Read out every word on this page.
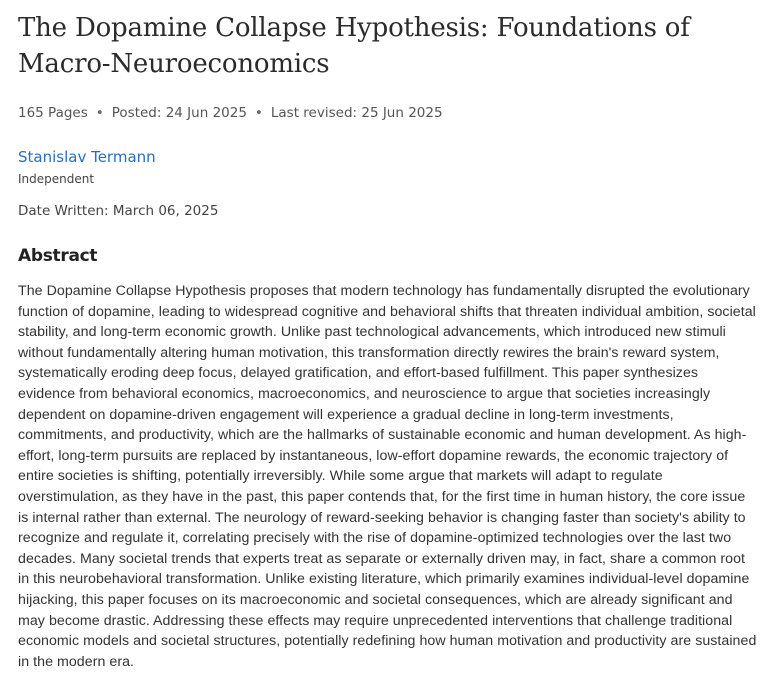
The Dopamine Collapse Hypothesis: Foundations of Macro-Neuroeconomics
165 Pages • Posted: 24 Jun 2025 • Last revised: 25 Jun 2025
Stanislav Termann
Independent
Date Written: March 06, 2025
Abstract
The Dopamine Collapse Hypothesis proposes that modern technology has fundamentally disrupted the evolutionary function of dopamine, leading to widespread cognitive and behavioral shifts that threaten individual ambition, societal stability, and long-term economic growth. Unlike past technological advancements, which introduced new stimuli without fundamentally altering human motivation, this transformation directly rewires the brain's reward system, systematically eroding deep focus, delayed gratification, and effort-based fulfillment. This paper synthesizes evidence from behavioral economics, macroeconomics, and neuroscience to argue that societies increasingly dependent on dopamine-driven engagement will experience a gradual decline in long-term investments, commitments, and productivity, which are the hallmarks of sustainable economic and human development. As high-effort, long-term pursuits are replaced by instantaneous, low-effort dopamine rewards, the economic trajectory of entire societies is shifting, potentially irreversibly. While some argue that markets will adapt to regulate overstimulation, as they have in the past, this paper contends that, for the first time in human history, the core issue is internal rather than external. The neurology of reward-seeking behavior is changing faster than society's ability to recognize and regulate it, correlating precisely with the rise of dopamine-optimized technologies over the last two decades. Many societal trends that experts treat as separate or externally driven may, in fact, share a common root in this neurobehavioral transformation. Unlike existing literature, which primarily examines individual-level dopamine hijacking, this paper focuses on its macroeconomic and societal consequences, which are already significant and may become drastic. Addressing these effects may require unprecedented interventions that challenge traditional economic models and societal structures, potentially redefining how human motivation and productivity are sustained in the modern era.
